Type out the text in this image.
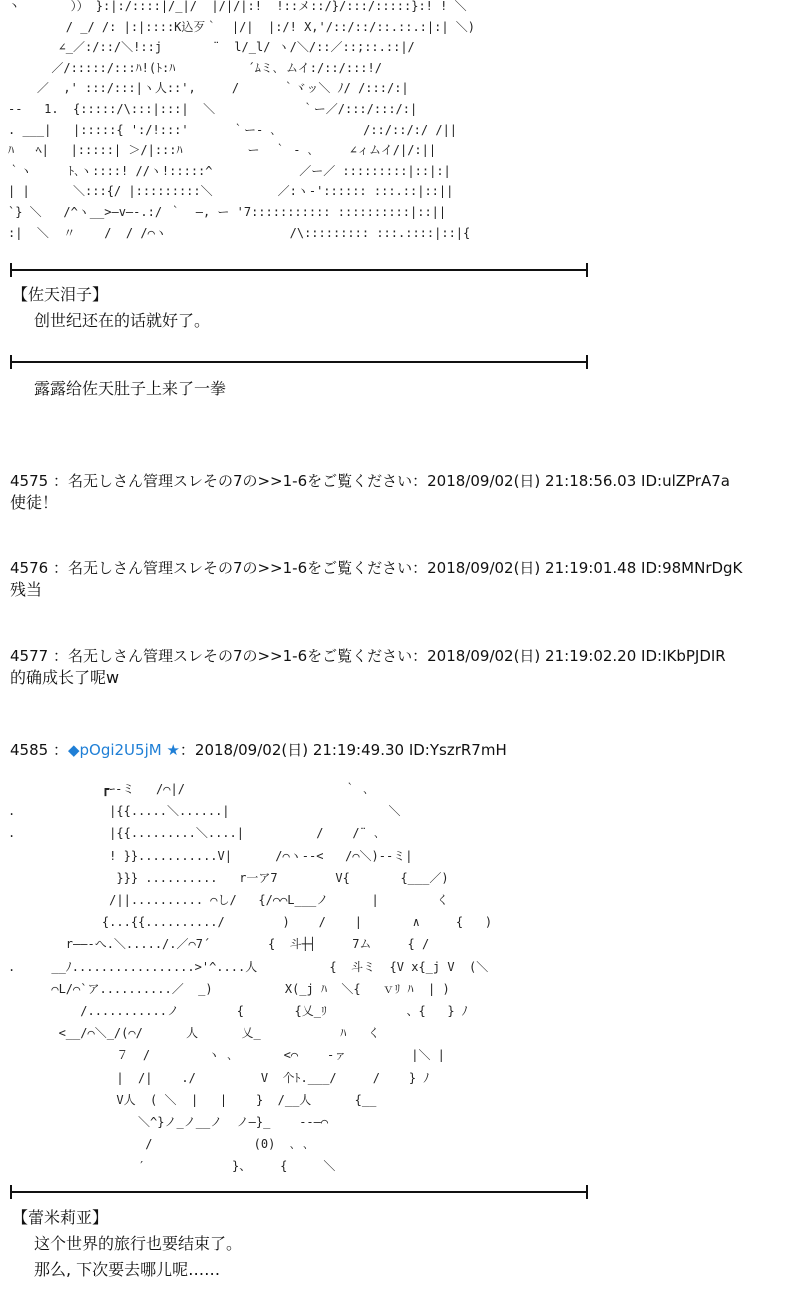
丶       ）） }:|:/::::|/_|/  |/|/|:!  !::メ::/}/:::/:::::}:! ! ＼
/ _/ /: |:|::::K込歹｀  |/|  |:/! X,'/::/::/::.::.:|:| ＼)
∠_／:/::/＼!::j       ¨  l/_l/ ヽ/＼/::／::;::.::|/
／/:::::/:::ﾊ!(ﾄ:ﾊ          ´ﾑミ､ ムイ:/::/:::!/
／  ,' :::/:::|ヽ人::',     /      ｀ヾッ＼ ﾉ/ /:::/:|
--   1.  {:::::/\:::|:::|  ＼            ｀ー／/:::/:::/:|
. ___|   |:::::{ ':/!:::'      ｀ー- ､            /::/::/:/ /||
ﾊ   ﾍ|   |:::::| ＞/|:::ﾊ         ー  ｀ - ､     ∠ィムイ/|/:||
｀ヽ     ﾄ､ヽ::::! //ヽ!:::::^            ／ー／ :::::::::|::|:|
| |      ＼:::{/ |:::::::::＼         ／:ヽ-':::::: :::.::|::||
`} ＼   /^ヽ__>―v―-.:/ ｀  ―, ー '7::::::::::: ::::::::::|::||
:|  ＼  〃    /  / /⌒ヽ                 /\::::::::: :::.::::|::|{
【佐天泪子】
创世纪还在的话就好了。
露露给佐天肚子上来了一拳
4575 ：名无しさん管理スレその7の>>1-6をご覧ください：2018/09/02(日) 21:18:56.03 ID:ulZPrA7a
使徒！
4576 ：名无しさん管理スレその7の>>1-6をご覧ください：2018/09/02(日) 21:19:01.48 ID:98MNrDgK
残当
4577 ：名无しさん管理スレその7の>>1-6をご覧ください：2018/09/02(日) 21:19:02.20 ID:IKbPJDIR
的确成长了呢w
4585 ：◆pOgi2U5jM ★：2018/09/02(日) 21:19:49.30 ID:YszrR7mH
┏ｰ-ミ   /⌒|/                      ｀ ､
.             |{{.....＼......|                      ＼
.             |{{.........＼....|          /    /¨ ､
! }}...........V|      /⌒ヽ--<   /⌒＼)--ミ|
}}} ..........   r一ア7        V{       {___／)
/||.......... ⌒し/   {/⌒⌒L___ノ      |        く
{...{{........../        )    /    |       ∧     {   )
r――-へ.＼...../.／⌒7´        {  斗┼┤     7ム     { /
.     __ﾉ.................>'^....人          {  斗ミ  {V x{_j V  (＼
⌒L/⌒`ア..........／  _)          X(_j ﾊ  ＼{   ｖﾘ ﾊ  | )
/...........ノ        {       {乂_ﾘ           、{   } ﾉ
<__/⌒＼_/(⌒/      人      乂_           ﾊ   く
７  /        ヽ ､       <⌒    -ァ         |＼ |
|  /|    ./         V  个ﾄ.___/     /    } ﾉ
V人  ( ＼  |   |    }  /__人      {__
＼^}ノ_ノ__ノ  ノ―}_    --―⌒
/              (0)  ､ ､
′            }、    {     ＼
【蕾米莉亚】
这个世界的旅行也要结束了。
那么, 下次要去哪儿呢……
